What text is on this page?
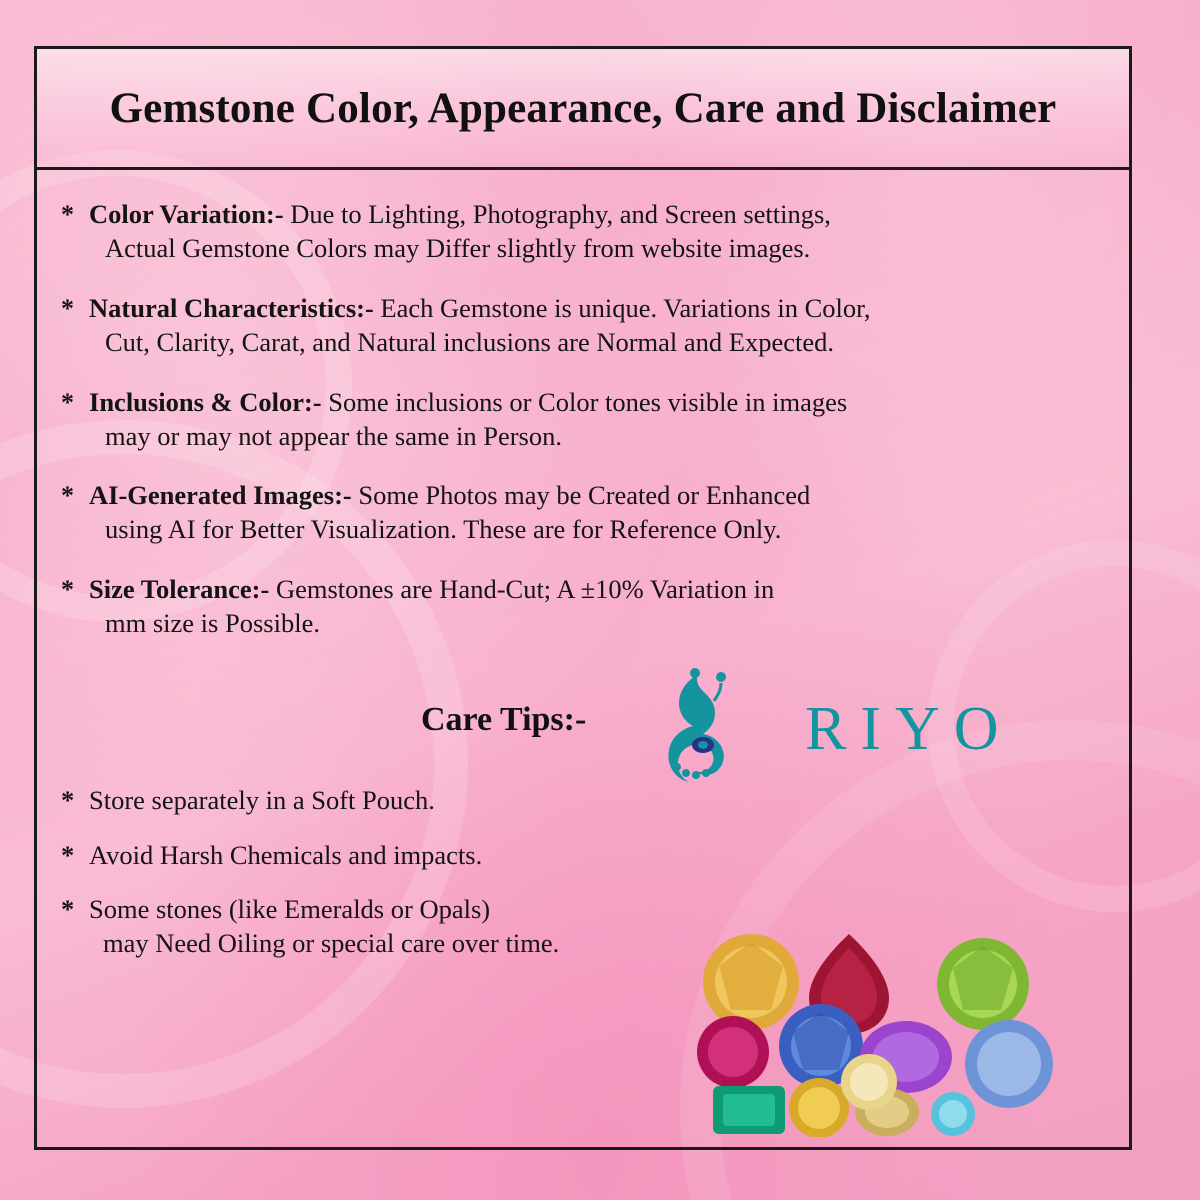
Gemstone Color, Appearance, Care and Disclaimer
* Color Variation:- Due to Lighting, Photography, and Screen settings,
Actual Gemstone Colors may Differ slightly from website images.
* Natural Characteristics:- Each Gemstone is unique. Variations in Color,
Cut, Clarity, Carat, and Natural inclusions are Normal and Expected.
* Inclusions & Color:- Some inclusions or Color tones visible in images
may or may not appear the same in Person.
* AI-Generated Images:- Some Photos may be Created or Enhanced
using AI for Better Visualization. These are for Reference Only.
* Size Tolerance:- Gemstones are Hand-Cut; A ±10% Variation in
mm size is Possible.
Care Tips:-	RIYO
* Store separately in a Soft Pouch.
* Avoid Harsh Chemicals and impacts.
* Some stones (like Emeralds or Opals)
may Need Oiling or special care over time.
